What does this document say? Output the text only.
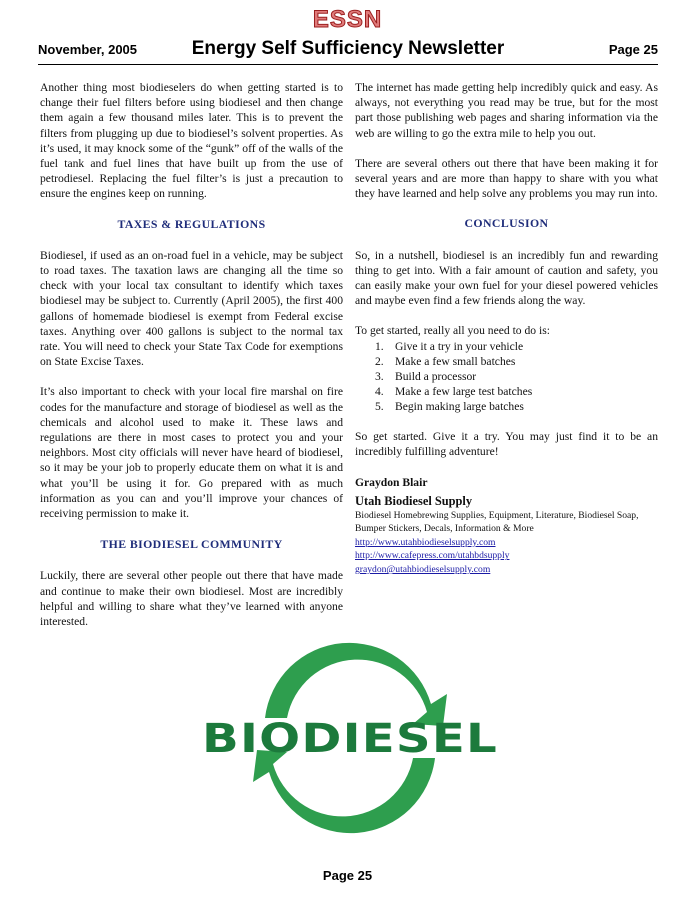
ESSN
Energy Self Sufficiency Newsletter
November, 2005	Page 25

Another thing most biodieselers do when getting started is to change their fuel filters before using biodiesel and then change them again a few thousand miles later. This is to prevent the filters from plugging up due to biodiesel’s solvent properties. As it’s used, it may knock some of the “gunk” off of the walls of the fuel tank and fuel lines that have built up from the use of petrodiesel. Replacing the fuel filter’s is just a precaution to ensure the engines keep on running.

TAXES & REGULATIONS

Biodiesel, if used as an on-road fuel in a vehicle, may be subject to road taxes. The taxation laws are changing all the time so check with your local tax consultant to identify which taxes biodiesel may be subject to. Currently (April 2005), the first 400 gallons of homemade biodiesel is exempt from Federal excise taxes. Anything over 400 gallons is subject to the normal tax rate. You will need to check your State Tax Code for exemptions on State Excise Taxes.

It’s also important to check with your local fire marshal on fire codes for the manufacture and storage of biodiesel as well as the chemicals and alcohol used to make it. These laws and regulations are there in most cases to protect you and your neighbors. Most city officials will never have heard of biodiesel, so it may be your job to properly educate them on what it is and what you’ll be using it for. Go prepared with as much information as you can and you’ll improve your chances of receiving permission to make it.

THE BIODIESEL COMMUNITY

Luckily, there are several other people out there that have made and continue to make their own biodiesel. Most are incredibly helpful and willing to share what they’ve learned with anyone interested.

The internet has made getting help incredibly quick and easy. As always, not everything you read may be true, but for the most part those publishing web pages and sharing information via the web are willing to go the extra mile to help you out.

There are several others out there that have been making it for several years and are more than happy to share with you what they have learned and help solve any problems you may run into.

CONCLUSION

So, in a nutshell, biodiesel is an incredibly fun and rewarding thing to get into. With a fair amount of caution and safety, you can easily make your own fuel for your diesel powered vehicles and maybe even find a few friends along the way.

To get started, really all you need to do is:

1. Give it a try in your vehicle
2. Make a few small batches
3. Build a processor
4. Make a few large test batches
5. Begin making large batches

So get started. Give it a try. You may just find it to be an incredibly fulfilling adventure!

Graydon Blair
Utah Biodiesel Supply
Biodiesel Homebrewing Supplies, Equipment, Literature, Biodiesel Soap, Bumper Stickers, Decals, Information & More
http://www.utahbiodieselsupply.com
http://www.cafepress.com/utahbdsupply
graydon@utahbiodieselsupply.com
BIODIESEL
Page 25
